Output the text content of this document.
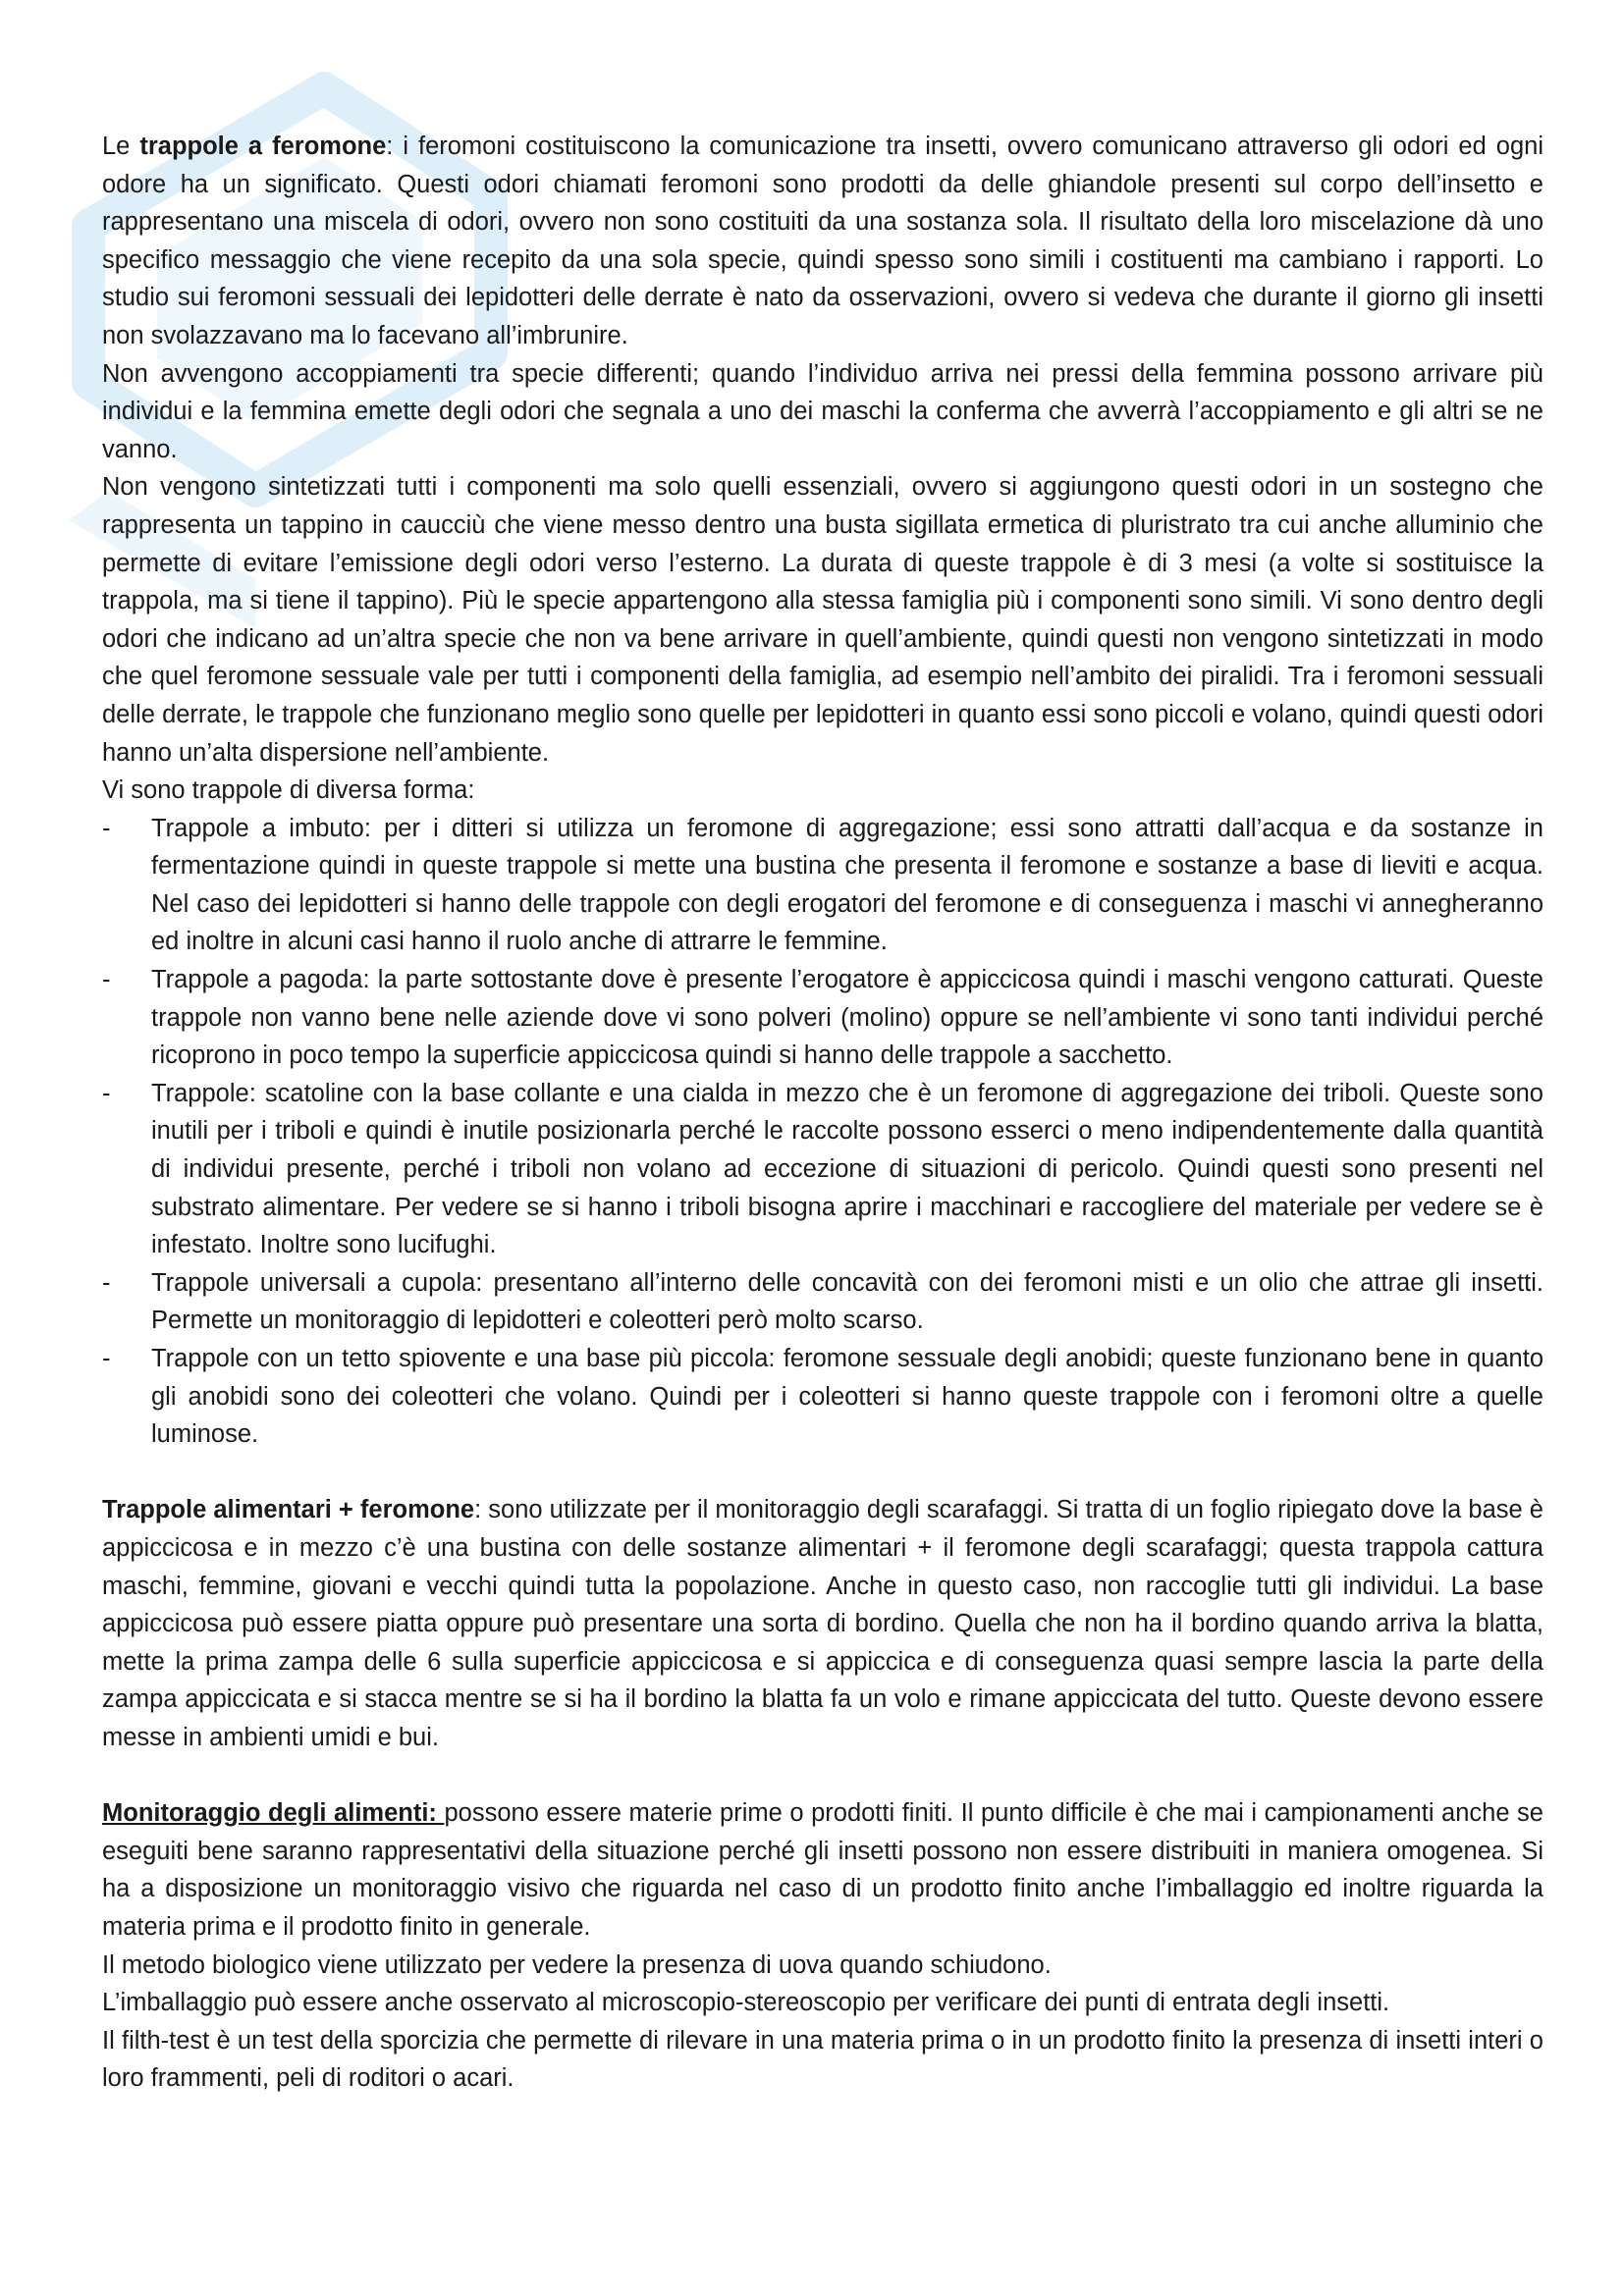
Le trappole a feromone: i feromoni costituiscono la comunicazione tra insetti, ovvero comunicano attraverso gli odori ed ogni odore ha un significato. Questi odori chiamati feromoni sono prodotti da delle ghiandole presenti sul corpo dell’insetto e rappresentano una miscela di odori, ovvero non sono costituiti da una sostanza sola. Il risultato della loro miscelazione dà uno specifico messaggio che viene recepito da una sola specie, quindi spesso sono simili i costituenti ma cambiano i rapporti. Lo studio sui feromoni sessuali dei lepidotteri delle derrate è nato da osservazioni, ovvero si vedeva che durante il giorno gli insetti non svolazzavano ma lo facevano all’imbrunire.

Non avvengono accoppiamenti tra specie differenti; quando l’individuo arriva nei pressi della femmina possono arrivare più individui e la femmina emette degli odori che segnala a uno dei maschi la conferma che avverrà l’accoppiamento e gli altri se ne vanno.

Non vengono sintetizzati tutti i componenti ma solo quelli essenziali, ovvero si aggiungono questi odori in un sostegno che rappresenta un tappino in caucciù che viene messo dentro una busta sigillata ermetica di pluristrato tra cui anche alluminio che permette di evitare l’emissione degli odori verso l’esterno. La durata di queste trappole è di 3 mesi (a volte si sostituisce la trappola, ma si tiene il tappino). Più le specie appartengono alla stessa famiglia più i componenti sono simili. Vi sono dentro degli odori che indicano ad un’altra specie che non va bene arrivare in quell’ambiente, quindi questi non vengono sintetizzati in modo che quel feromone sessuale vale per tutti i componenti della famiglia, ad esempio nell’ambito dei piralidi. Tra i feromoni sessuali delle derrate, le trappole che funzionano meglio sono quelle per lepidotteri in quanto essi sono piccoli e volano, quindi questi odori hanno un’alta dispersione nell’ambiente.

Vi sono trappole di diversa forma:

- Trappole a imbuto: per i ditteri si utilizza un feromone di aggregazione; essi sono attratti dall’acqua e da sostanze in fermentazione quindi in queste trappole si mette una bustina che presenta il feromone e sostanze a base di lieviti e acqua. Nel caso dei lepidotteri si hanno delle trappole con degli erogatori del feromone e di conseguenza i maschi vi annegheranno ed inoltre in alcuni casi hanno il ruolo anche di attrarre le femmine.
- Trappole a pagoda: la parte sottostante dove è presente l’erogatore è appiccicosa quindi i maschi vengono catturati. Queste trappole non vanno bene nelle aziende dove vi sono polveri (molino) oppure se nell’ambiente vi sono tanti individui perché ricoprono in poco tempo la superficie appiccicosa quindi si hanno delle trappole a sacchetto.
- Trappole: scatoline con la base collante e una cialda in mezzo che è un feromone di aggregazione dei triboli. Queste sono inutili per i triboli e quindi è inutile posizionarla perché le raccolte possono esserci o meno indipendentemente dalla quantità di individui presente, perché i triboli non volano ad eccezione di situazioni di pericolo. Quindi questi sono presenti nel substrato alimentare. Per vedere se si hanno i triboli bisogna aprire i macchinari e raccogliere del materiale per vedere se è infestato. Inoltre sono lucifughi.
- Trappole universali a cupola: presentano all’interno delle concavità con dei feromoni misti e un olio che attrae gli insetti. Permette un monitoraggio di lepidotteri e coleotteri però molto scarso.
- Trappole con un tetto spiovente e una base più piccola: feromone sessuale degli anobidi; queste funzionano bene in quanto gli anobidi sono dei coleotteri che volano. Quindi per i coleotteri si hanno queste trappole con i feromoni oltre a quelle luminose.

Trappole alimentari + feromone: sono utilizzate per il monitoraggio degli scarafaggi. Si tratta di un foglio ripiegato dove la base è appiccicosa e in mezzo c’è una bustina con delle sostanze alimentari + il feromone degli scarafaggi; questa trappola cattura maschi, femmine, giovani e vecchi quindi tutta la popolazione. Anche in questo caso, non raccoglie tutti gli individui. La base appiccicosa può essere piatta oppure può presentare una sorta di bordino. Quella che non ha il bordino quando arriva la blatta, mette la prima zampa delle 6 sulla superficie appiccicosa e si appiccica e di conseguenza quasi sempre lascia la parte della zampa appiccicata e si stacca mentre se si ha il bordino la blatta fa un volo e rimane appiccicata del tutto. Queste devono essere messe in ambienti umidi e bui.

Monitoraggio degli alimenti: possono essere materie prime o prodotti finiti. Il punto difficile è che mai i campionamenti anche se eseguiti bene saranno rappresentativi della situazione perché gli insetti possono non essere distribuiti in maniera omogenea. Si ha a disposizione un monitoraggio visivo che riguarda nel caso di un prodotto finito anche l’imballaggio ed inoltre riguarda la materia prima e il prodotto finito in generale.

Il metodo biologico viene utilizzato per vedere la presenza di uova quando schiudono.

L’imballaggio può essere anche osservato al microscopio-stereoscopio per verificare dei punti di entrata degli insetti.

Il filth-test è un test della sporcizia che permette di rilevare in una materia prima o in un prodotto finito la presenza di insetti interi o loro frammenti, peli di roditori o acari.
